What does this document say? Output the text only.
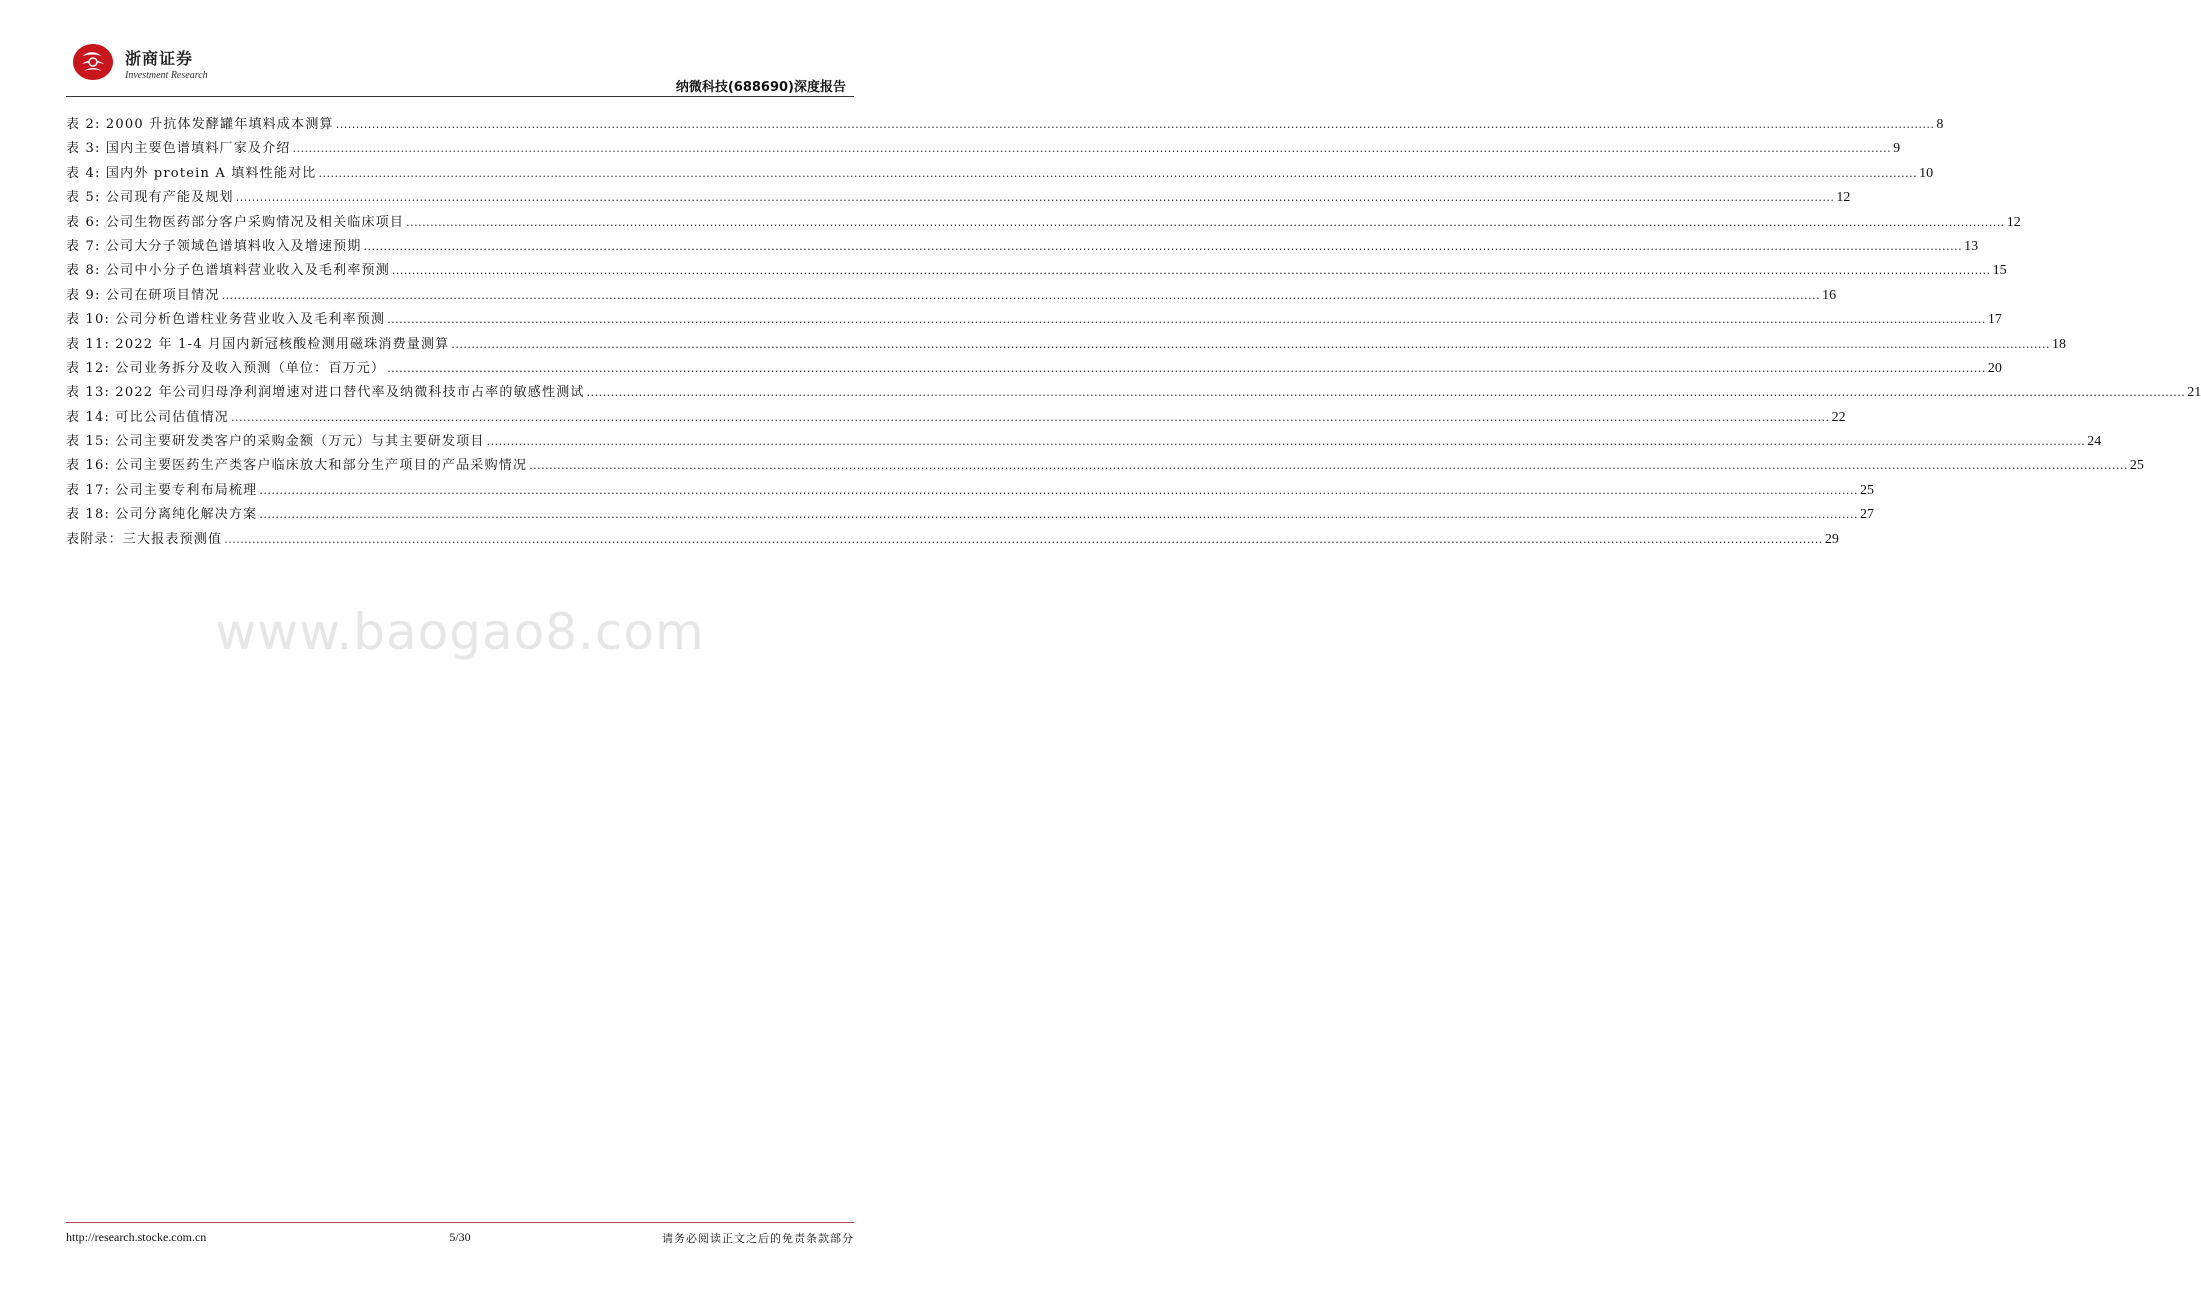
浙商证券
Investment Research
纳微科技(688690)深度报告
表 2: 2000 升抗体发酵罐年填料成本测算 ................................................................................................................................................................................................................................................................................................................................................................................................................ 8
表 3: 国内主要色谱填料厂家及介绍 ................................................................................................................................................................................................................................................................................................................................................................................................................ 9
表 4: 国内外 protein A 填料性能对比 ................................................................................................................................................................................................................................................................................................................................................................................................................ 10
表 5: 公司现有产能及规划 ................................................................................................................................................................................................................................................................................................................................................................................................................ 12
表 6: 公司生物医药部分客户采购情况及相关临床项目 ................................................................................................................................................................................................................................................................................................................................................................................................................ 12
表 7: 公司大分子领域色谱填料收入及增速预期 ................................................................................................................................................................................................................................................................................................................................................................................................................ 13
表 8: 公司中小分子色谱填料营业收入及毛利率预测 ................................................................................................................................................................................................................................................................................................................................................................................................................ 15
表 9: 公司在研项目情况 ................................................................................................................................................................................................................................................................................................................................................................................................................ 16
表 10: 公司分析色谱柱业务营业收入及毛利率预测 ................................................................................................................................................................................................................................................................................................................................................................................................................ 17
表 11: 2022 年 1-4 月国内新冠核酸检测用磁珠消费量测算 ................................................................................................................................................................................................................................................................................................................................................................................................................ 18
表 12: 公司业务拆分及收入预测（单位：百万元） ................................................................................................................................................................................................................................................................................................................................................................................................................ 20
表 13: 2022 年公司归母净利润增速对进口替代率及纳微科技市占率的敏感性测试 ................................................................................................................................................................................................................................................................................................................................................................................................................ 21
表 14: 可比公司估值情况 ................................................................................................................................................................................................................................................................................................................................................................................................................ 22
表 15: 公司主要研发类客户的采购金额（万元）与其主要研发项目 ................................................................................................................................................................................................................................................................................................................................................................................................................ 24
表 16: 公司主要医药生产类客户临床放大和部分生产项目的产品采购情况 ................................................................................................................................................................................................................................................................................................................................................................................................................ 25
表 17: 公司主要专利布局梳理 ................................................................................................................................................................................................................................................................................................................................................................................................................ 25
表 18: 公司分离纯化解决方案 ................................................................................................................................................................................................................................................................................................................................................................................................................ 27
表附录：三大报表预测值 ................................................................................................................................................................................................................................................................................................................................................................................................................ 29
www.baogao8.com
http://research.stocke.com.cn	5/30	请务必阅读正文之后的免责条款部分
